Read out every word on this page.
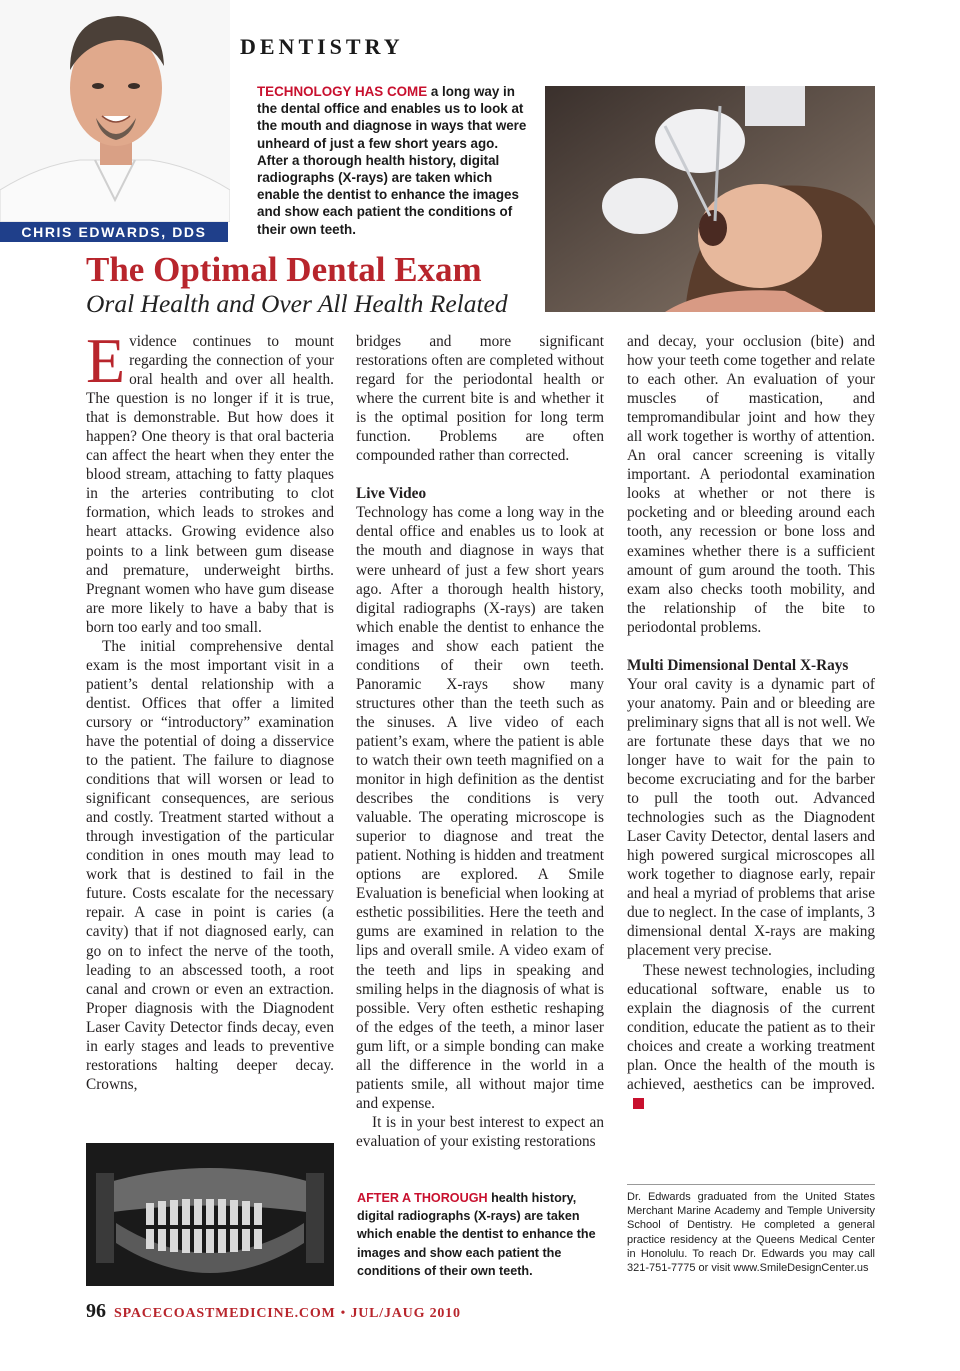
CHRIS EDWARDS, DDS
DENTISTRY
TECHNOLOGY HAS COME a long way in the dental office and enables us to look at the mouth and diagnose in ways that were unheard of just a few short years ago. After a thorough health history, digital radiographs (X-rays) are taken which enable the dentist to enhance the images and show each patient the conditions of their own teeth.
The Optimal Dental Exam
Oral Health and Over All Health Related

Evidence continues to mount regarding the connection of your oral health and over all health. The question is no longer if it is true, that is demonstrable. But how does it happen? One theory is that oral bacteria can affect the heart when they enter the blood stream, attaching to fatty plaques in the arteries contributing to clot formation, which leads to strokes and heart attacks. Growing evidence also points to a link between gum disease and premature, underweight births. Pregnant women who have gum disease are more likely to have a baby that is born too early and too small.

The initial comprehensive dental exam is the most important visit in a patient’s dental relationship with a dentist. Offices that offer a limited cursory or “introductory” examination have the potential of doing a disservice to the patient. The failure to diagnose conditions that will worsen or lead to significant consequences, are serious and costly. Treatment started without a through investigation of the particular condition in ones mouth may lead to work that is destined to fail in the future. Costs escalate for the necessary repair. A case in point is caries (a cavity) that if not diagnosed early, can go on to infect the nerve of the tooth, leading to an abscessed tooth, a root canal and crown or even an extraction. Proper diagnosis with the Diagnodent Laser Cavity Detector finds decay, even in early stages and leads to preventive restorations halting deeper decay. Crowns,

bridges and more significant restorations often are completed without regard for the periodontal health or where the current bite is and whether it is the optimal position for long term function. Problems are often compounded rather than corrected.

Live Video

Technology has come a long way in the dental office and enables us to look at the mouth and diagnose in ways that were unheard of just a few short years ago. After a thorough health history, digital radiographs (X-rays) are taken which enable the dentist to enhance the images and show each patient the conditions of their own teeth. Panoramic X-rays show many structures other than the teeth such as the sinuses. A live video of each patient’s exam, where the patient is able to watch their own teeth magnified on a monitor in high definition as the dentist describes the conditions is very valuable. The operating microscope is superior to diagnose and treat the patient. Nothing is hidden and treatment options are explored. A Smile Evaluation is beneficial when looking at esthetic possibilities. Here the teeth and gums are examined in relation to the lips and overall smile. A video exam of the teeth and lips in speaking and smiling helps in the diagnosis of what is possible. Very often esthetic reshaping of the edges of the teeth, a minor laser gum lift, or a simple bonding can make all the difference in the world in a patients smile, all without major time and expense.

It is in your best interest to expect an evaluation of your existing restorations

and decay, your occlusion (bite) and how your teeth come together and relate to each other. An evaluation of your muscles of mastication, and tempromandibular joint and how they all work together is worthy of attention. An oral cancer screening is vitally important. A periodontal examination looks at whether or not there is pocketing and or bleeding around each tooth, any recession or bone loss and examines whether there is a sufficient amount of gum around the tooth. This exam also checks tooth mobility, and the relationship of the bite to periodontal problems.

Multi Dimensional Dental X-Rays

Your oral cavity is a dynamic part of your anatomy. Pain and or bleeding are preliminary signs that all is not well. We are fortunate these days that we no longer have to wait for the pain to become excruciating and for the barber to pull the tooth out. Advanced technologies such as the Diagnodent Laser Cavity Detector, dental lasers and high powered surgical microscopes all work together to diagnose early, repair and heal a myriad of problems that arise due to neglect. In the case of implants, 3 dimensional dental X-rays are making placement very precise.

These newest technologies, including educational software, enable us to explain the diagnosis of the current condition, educate the patient as to their choices and create a working treatment plan. Once the health of the mouth is achieved, aesthetics can be improved.

AFTER A THOROUGH health history, digital radiographs (X-rays) are taken which enable the dentist to enhance the images and show each patient the conditions of their own teeth.
Dr. Edwards graduated from the United States Merchant Marine Academy and Temple University School of Dentistry. He completed a general practice residency at the Queens Medical Center in Honolulu. To reach Dr. Edwards you may call 321-751-7775 or visit www.SmileDesignCenter.us
96 SPACECOASTMEDICINE.COM • JUL/JAUG 2010
